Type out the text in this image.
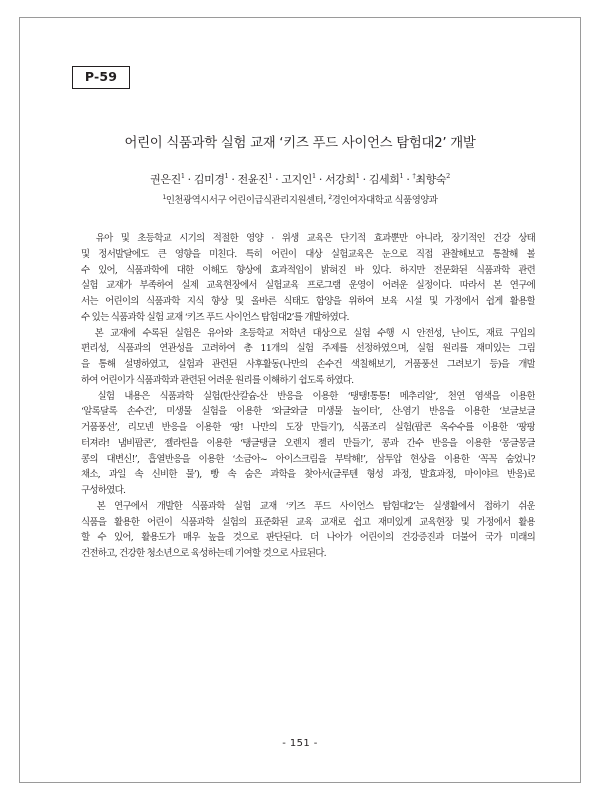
P-59
어린이 식품과학 실험 교재 ‘키즈 푸드 사이언스 탐험대2’ 개발

권은진$^1$ · 김미경$^1$ · 전윤진$^1$ · 고지인$^1$ · 서강희$^1$ · 김세희$^1$ · †최향숙$^2$

$^1$인천광역시서구 어린이급식관리지원센터, $^2$경인여자대학교 식품영양과

　유아 및 초등학교 시기의 적절한 영양 · 위생 교육은 단기적 효과뿐만 아니라, 장기적인 건강 상태
및 정서발달에도 큰 영향을 미친다. 특히 어린이 대상 실험교육은 눈으로 직접 관찰해보고 통찰해 볼
수 있어, 식품과학에 대한 이해도 향상에 효과적임이 밝혀진 바 있다. 하지만 전문화된 식품과학 관련
실험 교재가 부족하여 실제 교육현장에서 실험교육 프로그램 운영이 어려운 실정이다. 따라서 본 연구에
서는 어린이의 식품과학 지식 향상 및 올바른 식태도 함양을 위하여 보육 시설 및 가정에서 쉽게 활용할
수 있는 식품과학 실험 교재 ‘키즈 푸드 사이언스 탐험대2’를 개발하였다.
　본 교재에 수록된 실험은 유아와 초등학교 저학년 대상으로 실험 수행 시 안전성, 난이도, 재료 구입의
편리성, 식품과의 연관성을 고려하여 총 11개의 실험 주제를 선정하였으며, 실험 원리를 재미있는 그림
을 통해 설명하였고, 실험과 관련된 사후활동(나만의 손수건 색칠해보기, 거품풍선 그려보기 등)을 개발
하여 어린이가 식품과학과 관련된 어려운 원리를 이해하기 쉽도록 하였다.
　실험 내용은 식품과학 실험(탄산칼슘-산 반응을 이용한 ‘탱탱!통통! 메추리알’, 천연 염색을 이용한
‘알록달록 손수건’, 미생물 실험을 이용한 ‘와글와글 미생물 놀이터’, 산-염기 반응을 이용한 ‘보글보글
거품풍선’, 리모넨 반응을 이용한 ‘팡! 나만의 도장 만들기’), 식품조리 실험(팝콘 옥수수를 이용한 ‘팡팡
터져라! 냄비팝콘’, 젤라틴을 이용한 ‘탱글탱글 오렌지 젤리 만들기’, 콩과 간수 반응을 이용한 ‘몽글몽글
콩의 대변신!’, 흡열반응을 이용한 ‘소금아~ 아이스크림을 부탁해!’, 삼투압 현상을 이용한 ‘꼭꼭 숨었니?
채소, 과일 속 신비한 물’), 빵 속 숨은 과학을 찾아서(글루텐 형성 과정, 발효과정, 마이야르 반응)로
구성하였다.
　본 연구에서 개발한 식품과학 실험 교재 ‘키즈 푸드 사이언스 탐험대2’는 실생활에서 접하기 쉬운
식품을 활용한 어린이 식품과학 실험의 표준화된 교육 교재로 쉽고 재미있게 교육현장 및 가정에서 활용
할 수 있어, 활용도가 매우 높을 것으로 판단된다. 더 나아가 어린이의 건강증진과 더불어 국가 미래의
건전하고, 건강한 청소년으로 육성하는데 기여할 것으로 사료된다.

- 151 -
